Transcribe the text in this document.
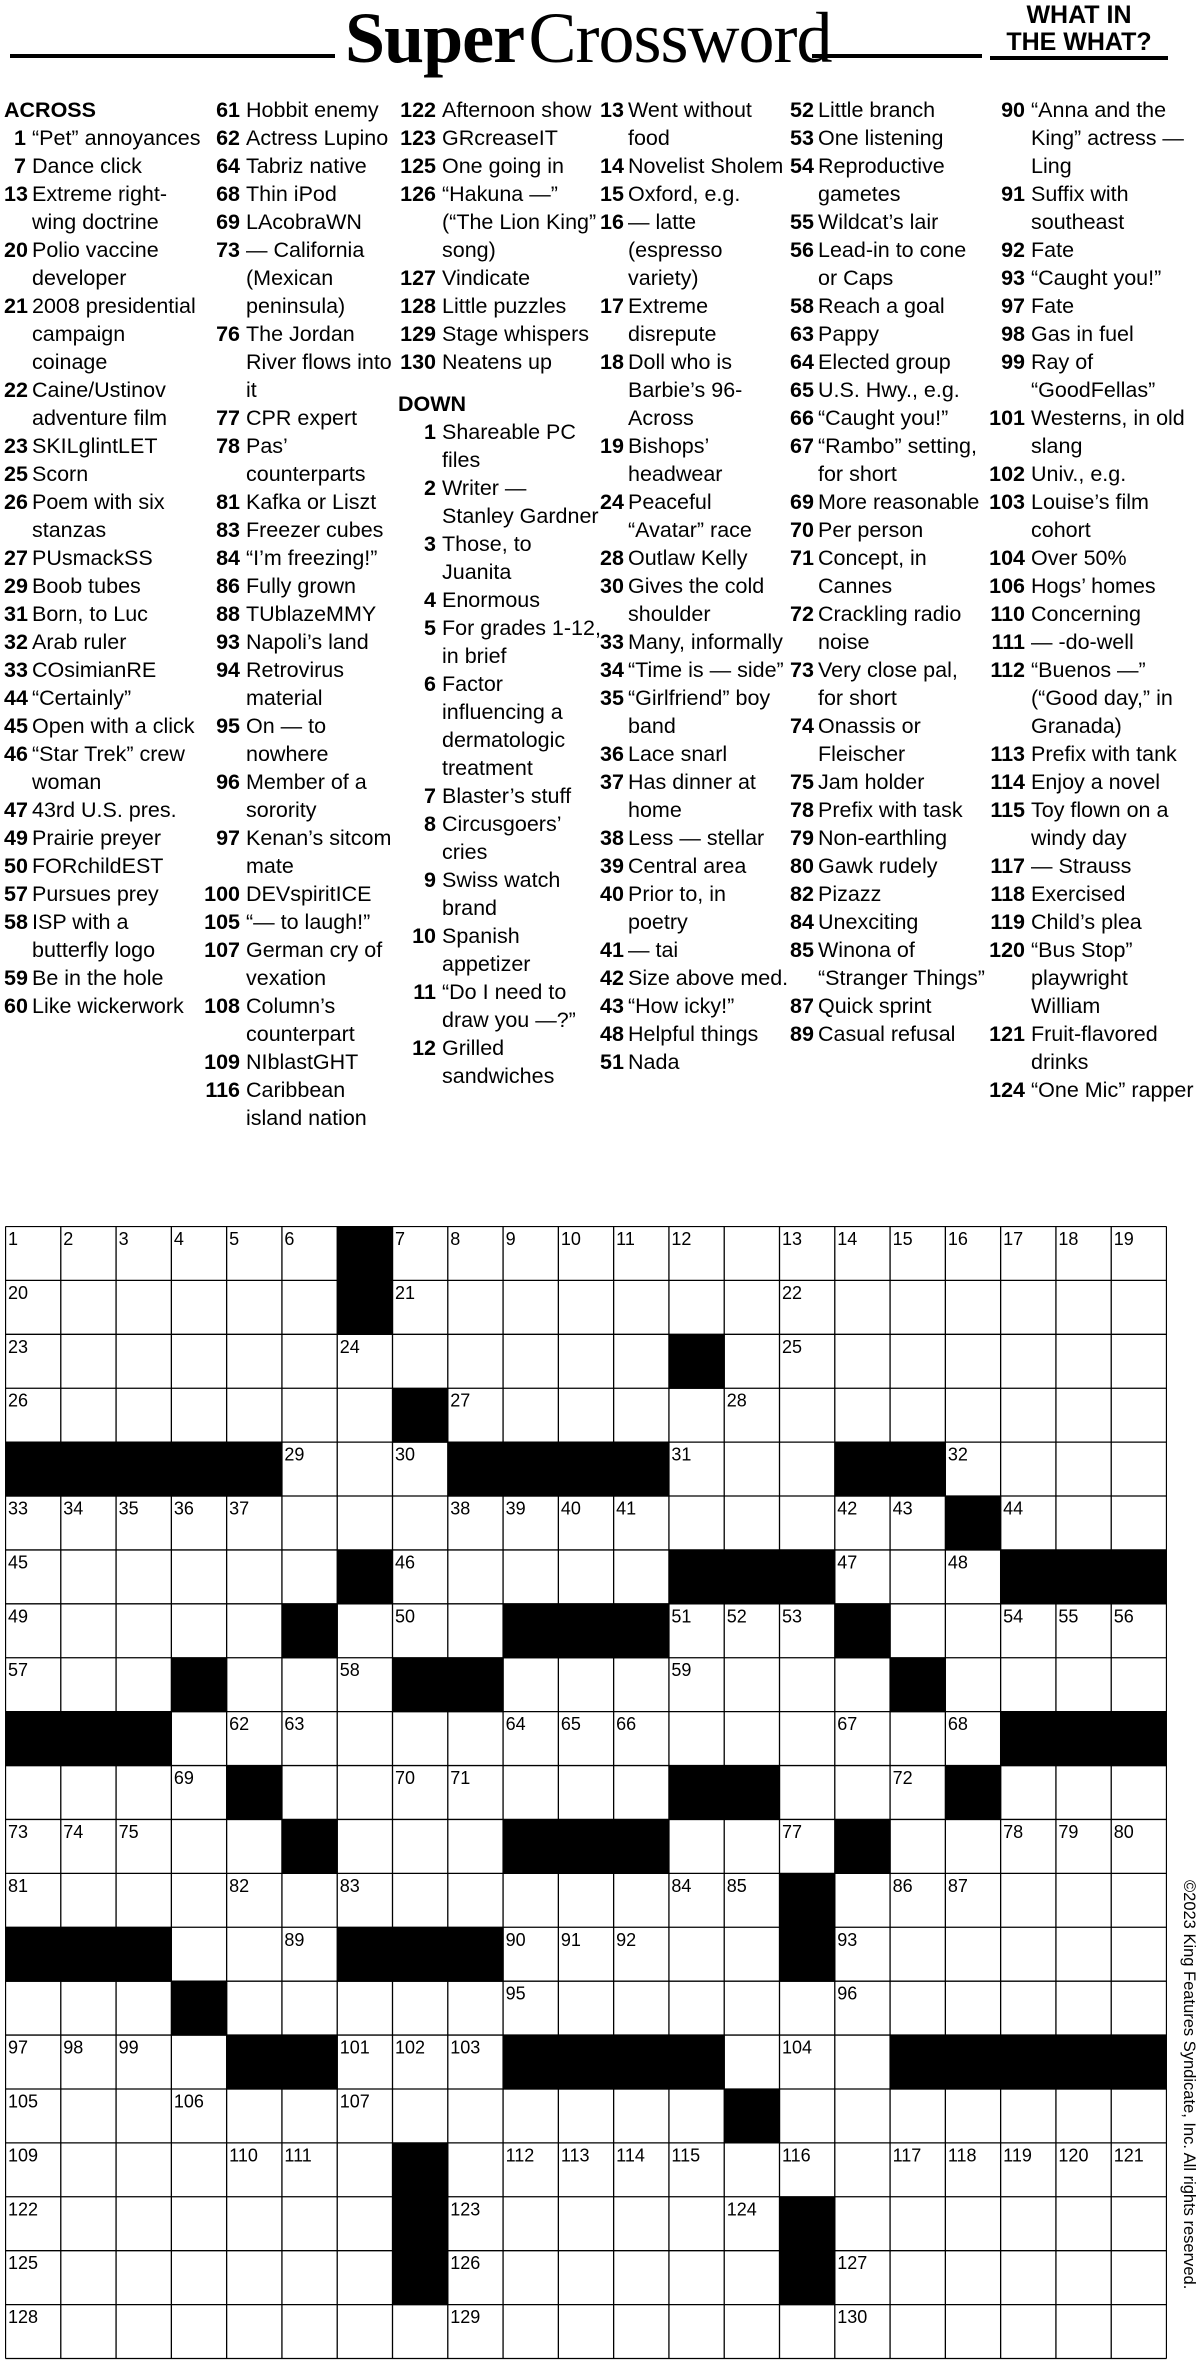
Super Crossword	WHAT IN
THE WHAT?
ACROSS
1 “Pet” annoyances
7 Dance click
13 Extreme right-wing doctrine
20 Polio vaccine developer
21 2008 presidential campaign coinage
22 Caine/Ustinov adventure film
23 SKILglintLET
25 Scorn
26 Poem with six stanzas
27 PUsmackSS
29 Boob tubes
31 Born, to Luc
32 Arab ruler
33 COsimianRE
44 “Certainly”
45 Open with a click
46 “Star Trek” crew woman
47 43rd U.S. pres.
49 Prairie preyer
50 FORchildEST
57 Pursues prey
58 ISP with a butterfly logo
59 Be in the hole
60 Like wickerwork
61 Hobbit enemy
62 Actress Lupino
64 Tabriz native
68 Thin iPod
69 LAcobraWN
73 — California (Mexican peninsula)
76 The Jordan River flows into it
77 CPR expert
78 Pas’ counterparts
81 Kafka or Liszt
83 Freezer cubes
84 “I’m freezing!”
86 Fully grown
88 TUblazeMMY
93 Napoli’s land
94 Retrovirus material
95 On — to nowhere
96 Member of a sorority
97 Kenan’s sitcom mate
100 DEVspiritICE
105 “— to laugh!”
107 German cry of vexation
108 Column’s counterpart
109 NIblastGHT
116 Caribbean island nation
122 Afternoon show
123 GRcreaseIT
125 One going in
126 “Hakuna —” (“The Lion King” song)
127 Vindicate
128 Little puzzles
129 Stage whispers
130 Neatens up
DOWN
1 Shareable PC files
2 Writer — Stanley Gardner
3 Those, to Juanita
4 Enormous
5 For grades 1-12, in brief
6 Factor influencing a dermatologic treatment
7 Blaster’s stuff
8 Circusgoers’ cries
9 Swiss watch brand
10 Spanish appetizer
11 “Do I need to draw you —?”
12 Grilled sandwiches
13 Went without food
14 Novelist Sholem
15 Oxford, e.g.
16 — latte (espresso variety)
17 Extreme disrepute
18 Doll who is Barbie’s 96-Across
19 Bishops’ headwear
24 Peaceful “Avatar” race
28 Outlaw Kelly
30 Gives the cold shoulder
33 Many, informally
34 “Time is — side”
35 “Girlfriend” boy band
36 Lace snarl
37 Has dinner at home
38 Less — stellar
39 Central area
40 Prior to, in poetry
41 — tai
42 Size above med.
43 “How icky!”
48 Helpful things
51 Nada
52 Little branch
53 One listening
54 Reproductive gametes
55 Wildcat’s lair
56 Lead-in to cone or Caps
58 Reach a goal
63 Pappy
64 Elected group
65 U.S. Hwy., e.g.
66 “Caught you!”
67 “Rambo” setting, for short
69 More reasonable
70 Per person
71 Concept, in Cannes
72 Crackling radio noise
73 Very close pal, for short
74 Onassis or Fleischer
75 Jam holder
78 Prefix with task
79 Non-earthling
80 Gawk rudely
82 Pizazz
84 Unexciting
85 Winona of “Stranger Things”
87 Quick sprint
89 Casual refusal
90 “Anna and the King” actress — Ling
91 Suffix with southeast
92 Fate
93 “Caught you!”
97 Fate
98 Gas in fuel
99 Ray of “GoodFellas”
101 Westerns, in old slang
102 Univ., e.g.
103 Louise’s film cohort
104 Over 50%
106 Hogs’ homes
110 Concerning
111 — -do-well
112 “Buenos —” (“Good day,” in Granada)
113 Prefix with tank
114 Enjoy a novel
115 Toy flown on a windy day
117 — Strauss
118 Exercised
119 Child’s plea
120 “Bus Stop” playwright William
121 Fruit-flavored drinks
124 “One Mic” rapper
1	2	3	4	5	6	7	8	9	10 11 12	13 14 15 16 17 18 19
20	21	22
23	24	25
26	27	28
29	30	31	32
33 34 35 36 37	38 39 40 41	42 43	44
45	46	47	48
49	50	51 52 53	54 55 56
57	58	59	60
61	62 63	64 65 66	67	68
69	70 71	72
73 74 75	76	77	78 79 80
81	82	83	84 85	86 87
88	89	90 91 92	93
94	95	96
97 98 99	100	101 102 103	104
105	106	107	108
109	110 111	112 113 114 115	116	117 118 119 120 121
122	123	124
125	126	127
128	129	130
©2023 King Features Syndicate, Inc. All rights reserved.
